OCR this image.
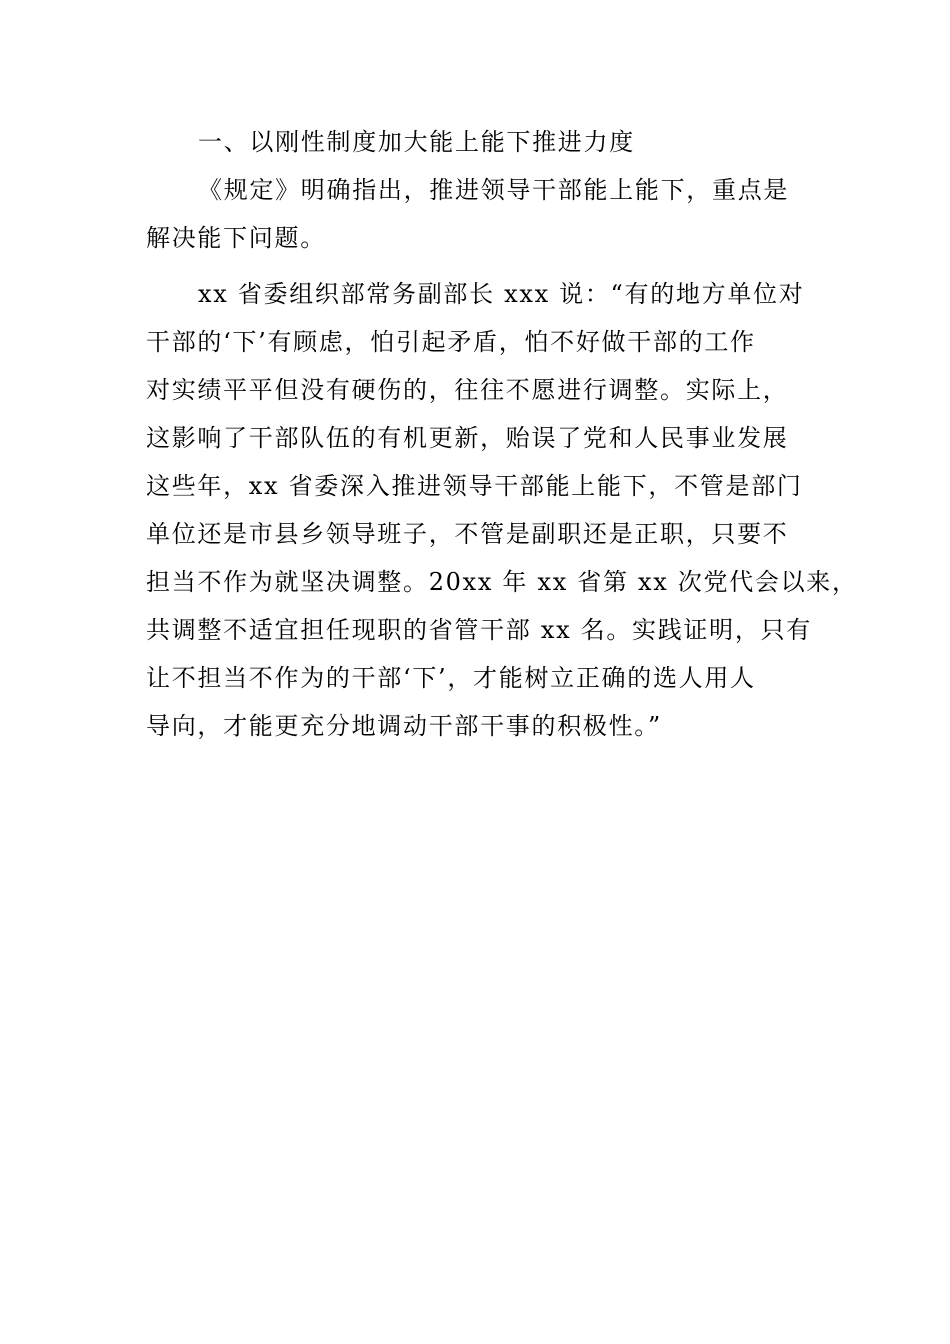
一、以刚性制度加大能上能下推进力度
《规定》明确指出，推进领导干部能上能下，重点是
解决能下问题。
xx 省委组织部常务副部长 xxx 说：“有的地方单位对
干部的‘下’有顾虑，怕引起矛盾，怕不好做干部的工作
对实绩平平但没有硬伤的，往往不愿进行调整。实际上，
这影响了干部队伍的有机更新，贻误了党和人民事业发展
这些年，xx 省委深入推进领导干部能上能下，不管是部门
单位还是市县乡领导班子，不管是副职还是正职，只要不
担当不作为就坚决调整。20xx 年 xx 省第 xx 次党代会以来，
共调整不适宜担任现职的省管干部 xx 名。实践证明，只有
让不担当不作为的干部‘下’，才能树立正确的选人用人
导向，才能更充分地调动干部干事的积极性。”
